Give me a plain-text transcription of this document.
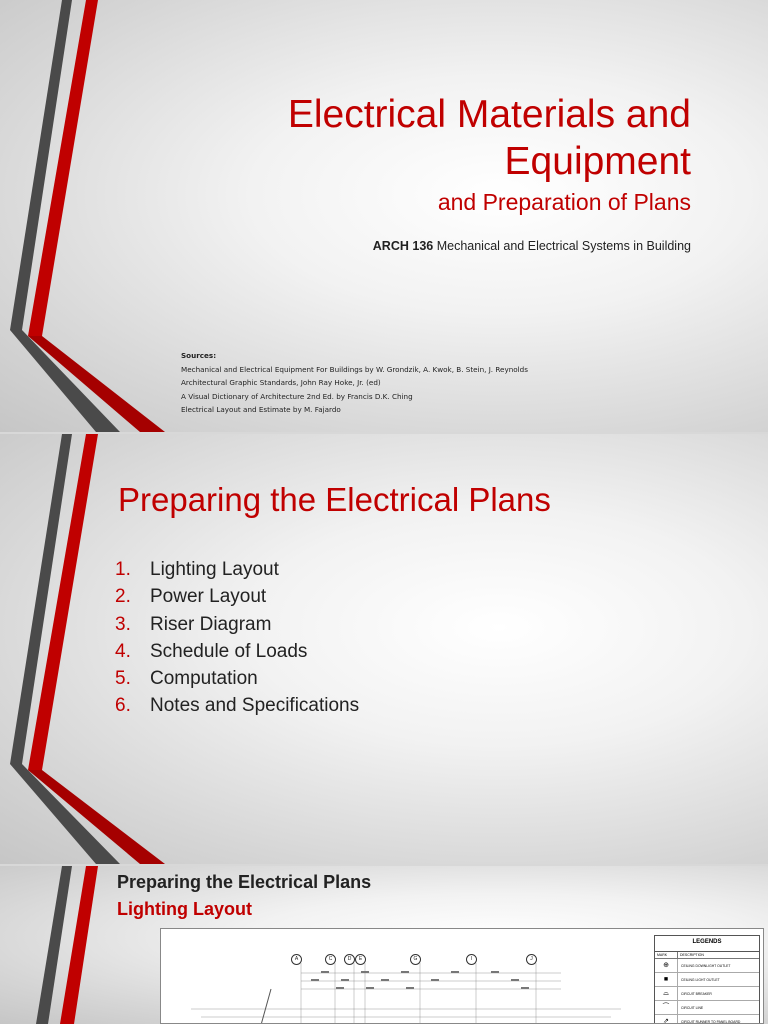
Electrical Materials and
Equipment
and Preparation of Plans
ARCH 136 Mechanical and Electrical Systems in Building
Sources:
Mechanical and Electrical Equipment For Buildings by W. Grondzik, A. Kwok, B. Stein, J. Reynolds
Architectural Graphic Standards, John Ray Hoke, Jr. (ed)
A Visual Dictionary of Architecture 2nd Ed. by Francis D.K. Ching
Electrical Layout and Estimate by M. Fajardo
Preparing the Electrical Plans
1. Lighting Layout
2. Power Layout
3. Riser Diagram
4. Schedule of Loads
5. Computation
6. Notes and Specifications
Preparing the Electrical Plans
Lighting Layout
A	C	D	E	G	I	J
LEGENDS
MARK	DESCRIPTION
⊕	CEILING DOWNLIGHT OUTLET
■	CEILING LIGHT OUTLET
⌓	CIRCUIT BREAKER
⁀	CIRCUIT LINE
⇗	CIRCUIT RUNNER TO PANEL BOARD
